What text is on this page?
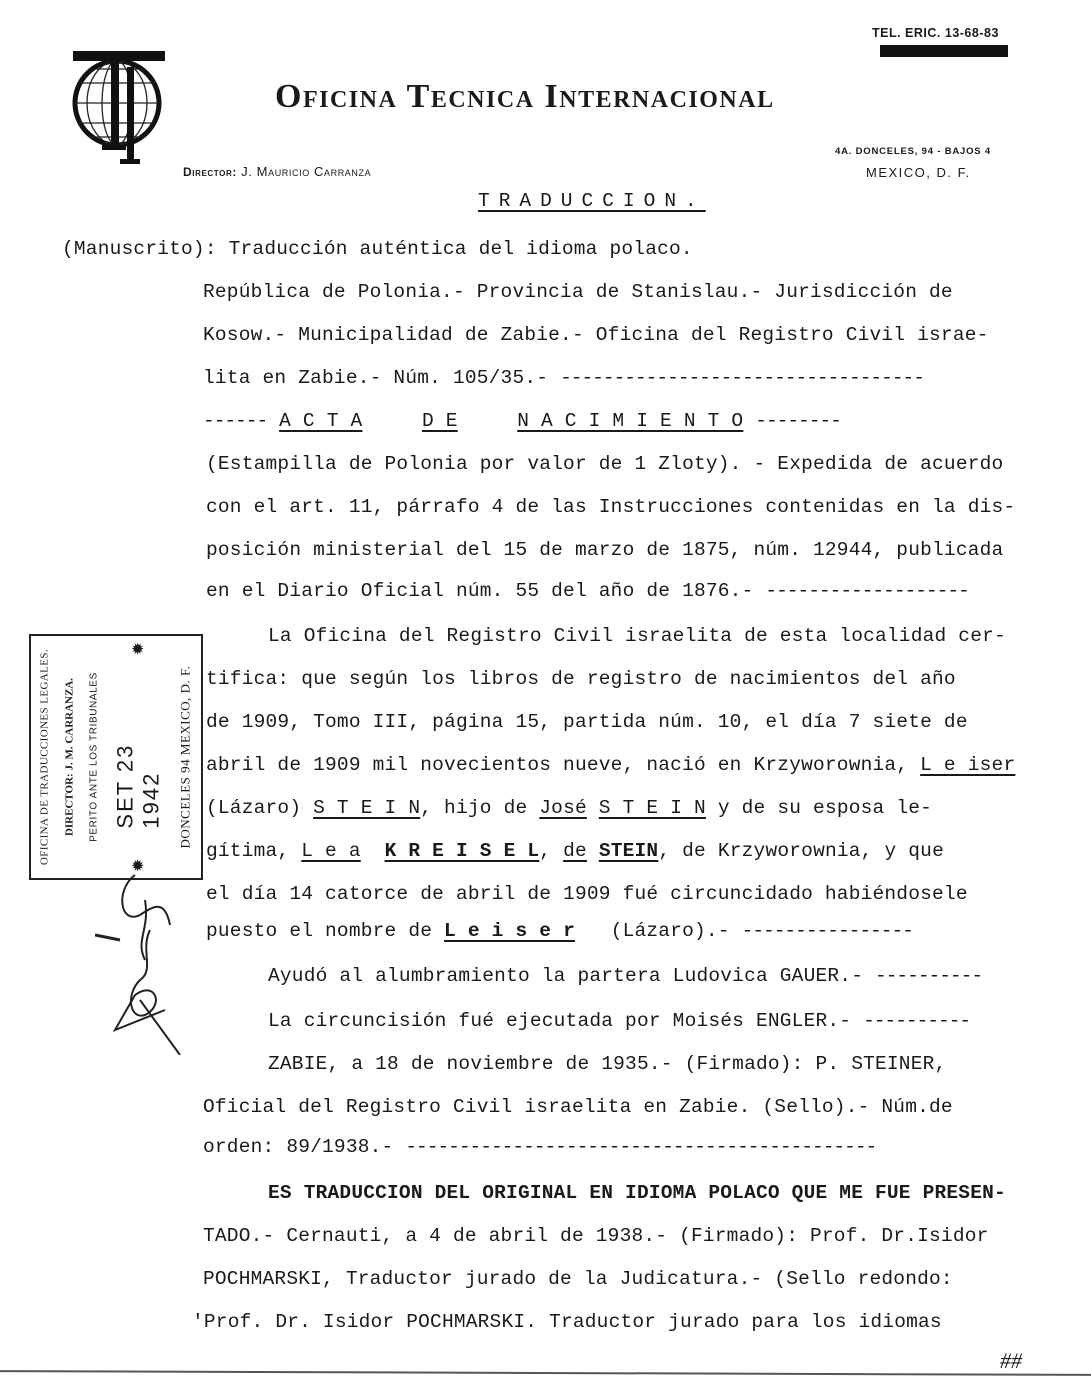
Oficina Tecnica Internacional
Director: J. Mauricio Carranza
TEL. ERIC. 13-68-83
4A. DONCELES, 94 - BAJOS 4
MEXICO, D. F.
TRADUCCION.
(Manuscrito): Traducción auténtica del idioma polaco.
República de Polonia.- Provincia de Stanislau.- Jurisdicción de
Kosow.- Municipalidad de Zabie.- Oficina del Registro Civil israe-
lita en Zabie.- Núm. 105/35.- ----------------------------------
------ A C T A	D E	N A C I M I E N T O --------
(Estampilla de Polonia por valor de 1 Zloty). - Expedida de acuerdo
con el art. 11, párrafo 4 de las Instrucciones contenidas en la dis-
posición ministerial del 15 de marzo de 1875, núm. 12944, publicada
en el Diario Oficial núm. 55 del año de 1876.- -------------------
La Oficina del Registro Civil israelita de esta localidad cer-
tifica: que según los libros de registro de nacimientos del año
de 1909, Tomo III, página 15, partida núm. 10, el día 7 siete de
abril de 1909 mil novecientos nueve, nació en Krzyworownia, L e iser
(Lázaro) S T E I N, hijo de José S T E I N y de su esposa le-
gítima, L e a K R E I S E L, de STEIN, de Krzyworownia, y que
el día 14 catorce de abril de 1909 fué circuncidado habiéndosele
puesto el nombre de L e i s e r (Lázaro).- ----------------
Ayudó al alumbramiento la partera Ludovica GAUER.- ----------
La circuncisión fué ejecutada por Moisés ENGLER.- ----------
ZABIE, a 18 de noviembre de 1935.- (Firmado): P. STEINER,
Oficial del Registro Civil israelita en Zabie. (Sello).- Núm.de
orden: 89/1938.- --------------------------------------------
ES TRADUCCION DEL ORIGINAL EN IDIOMA POLACO QUE ME FUE PRESEN-
TADO.- Cernauti, a 4 de abril de 1938.- (Firmado): Prof. Dr.Isidor
POCHMARSKI, Traductor jurado de la Judicatura.- (Sello redondo:
'Prof. Dr. Isidor POCHMARSKI. Traductor jurado para los idiomas
OFICINA DE TRADUCCIONES LEGALES. DIRECTOR: J. M. CARRANZA. PERITO ANTE LOS TRIBUNALES
✹
SET 23 1942
✹
DONCELES 94 MEXICO, D. F.
##
